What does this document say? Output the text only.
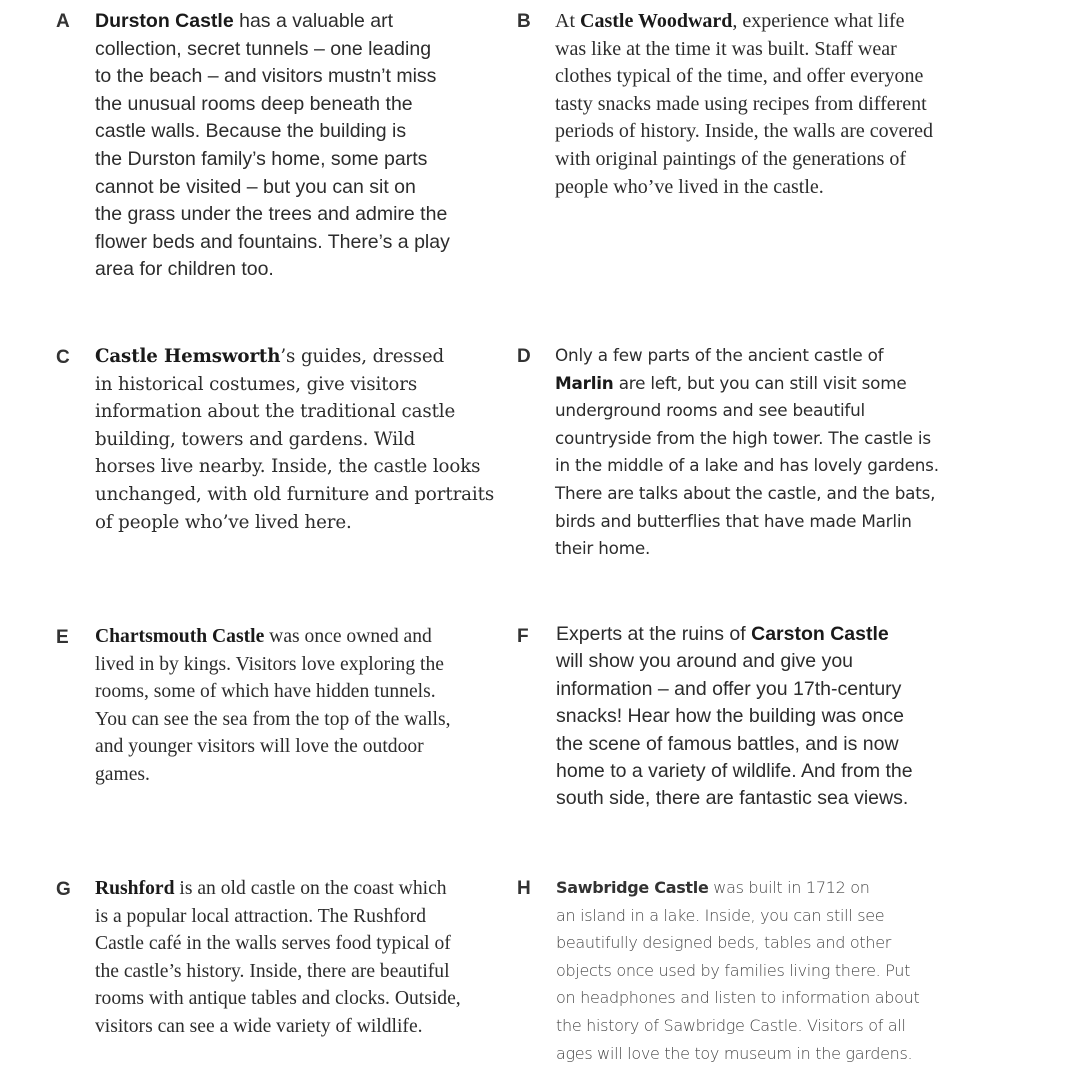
A Durston Castle has a valuable art
collection, secret tunnels – one leading
to the beach – and visitors mustn’t miss
the unusual rooms deep beneath the
castle walls. Because the building is
the Durston family’s home, some parts
cannot be visited – but you can sit on
the grass under the trees and admire the
flower beds and fountains. There’s a play
area for children too.

B At Castle Woodward, experience what life
was like at the time it was built. Staff wear
clothes typical of the time, and offer everyone
tasty snacks made using recipes from different
periods of history. Inside, the walls are covered
with original paintings of the generations of
people who’ve lived in the castle.

C Castle Hemsworth’s guides, dressed
in historical costumes, give visitors
information about the traditional castle
building, towers and gardens. Wild
horses live nearby. Inside, the castle looks
unchanged, with old furniture and portraits
of people who’ve lived here.

D Only a few parts of the ancient castle of
Marlin are left, but you can still visit some
underground rooms and see beautiful
countryside from the high tower. The castle is
in the middle of a lake and has lovely gardens.
There are talks about the castle, and the bats,
birds and butterflies that have made Marlin
their home.

E Chartsmouth Castle was once owned and
lived in by kings. Visitors love exploring the
rooms, some of which have hidden tunnels.
You can see the sea from the top of the walls,
and younger visitors will love the outdoor
games.

F Experts at the ruins of Carston Castle
will show you around and give you
information – and offer you 17th-century
snacks! Hear how the building was once
the scene of famous battles, and is now
home to a variety of wildlife. And from the
south side, there are fantastic sea views.

G Rushford is an old castle on the coast which
is a popular local attraction. The Rushford
Castle café in the walls serves food typical of
the castle’s history. Inside, there are beautiful
rooms with antique tables and clocks. Outside,
visitors can see a wide variety of wildlife.

H Sawbridge Castle was built in 1712 on
an island in a lake. Inside, you can still see
beautifully designed beds, tables and other
objects once used by families living there. Put
on headphones and listen to information about
the history of Sawbridge Castle. Visitors of all
ages will love the toy museum in the gardens.
